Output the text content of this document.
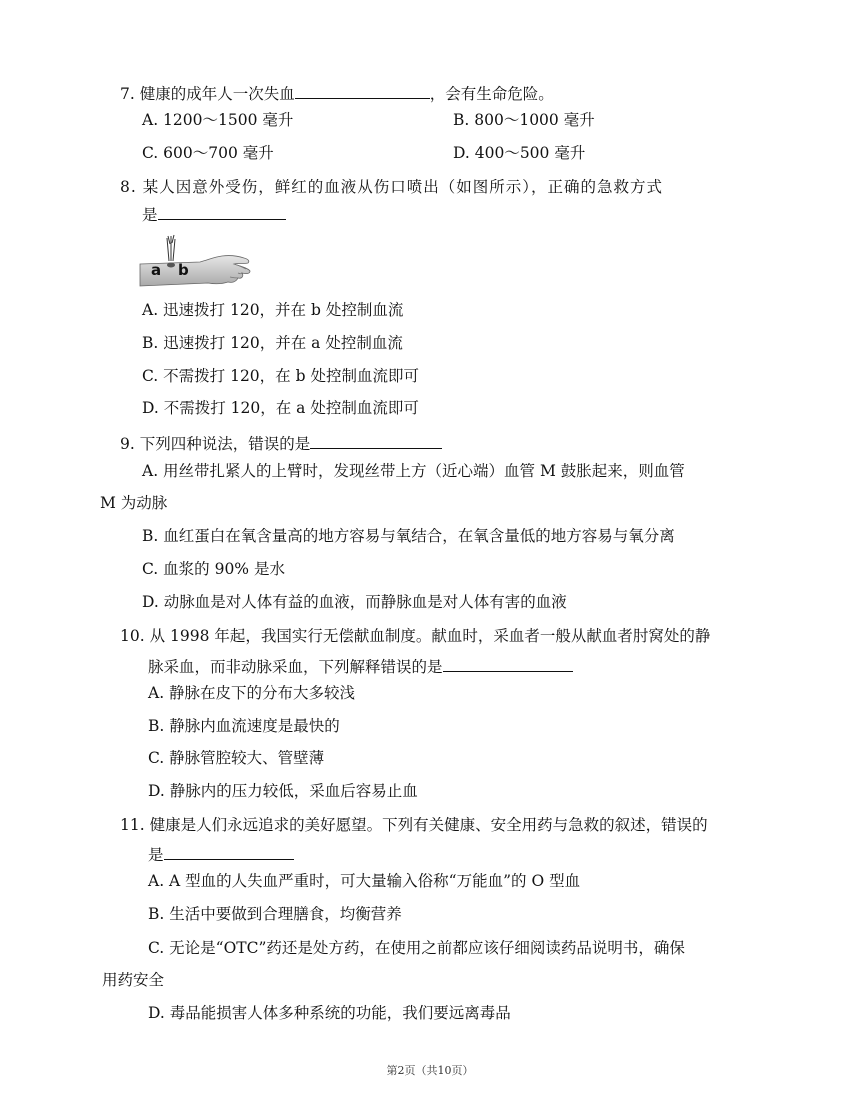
7. 健康的成年人一次失血	，会有生命危险。
A. 1200～1500 毫升	B. 800～1000 毫升
C. 600～700 毫升	D. 400～500 毫升
8. 某人因意外受伤，鲜红的血液从伤口喷出（如图所示），正确的急救方式
是
a b
A. 迅速拨打 120，并在 b 处控制血流
B. 迅速拨打 120，并在 a 处控制血流
C. 不需拨打 120，在 b 处控制血流即可
D. 不需拨打 120，在 a 处控制血流即可
9. 下列四种说法，错误的是
A. 用丝带扎紧人的上臂时，发现丝带上方（近心端）血管 M 鼓胀起来，则血管
M 为动脉
B. 血红蛋白在氧含量高的地方容易与氧结合，在氧含量低的地方容易与氧分离
C. 血浆的 90% 是水
D. 动脉血是对人体有益的血液，而静脉血是对人体有害的血液
10. 从 1998 年起，我国实行无偿献血制度。献血时，采血者一般从献血者肘窝处的静
脉采血，而非动脉采血，下列解释错误的是
A. 静脉在皮下的分布大多较浅
B. 静脉内血流速度是最快的
C. 静脉管腔较大、管壁薄
D. 静脉内的压力较低，采血后容易止血
11. 健康是人们永远追求的美好愿望。下列有关健康、安全用药与急救的叙述，错误的
是
A. A 型血的人失血严重时，可大量输入俗称“万能血”的 O 型血
B. 生活中要做到合理膳食，均衡营养
C. 无论是“OTC”药还是处方药，在使用之前都应该仔细阅读药品说明书，确保
用药安全
D. 毒品能损害人体多种系统的功能，我们要远离毒品
第2页（共10页）
